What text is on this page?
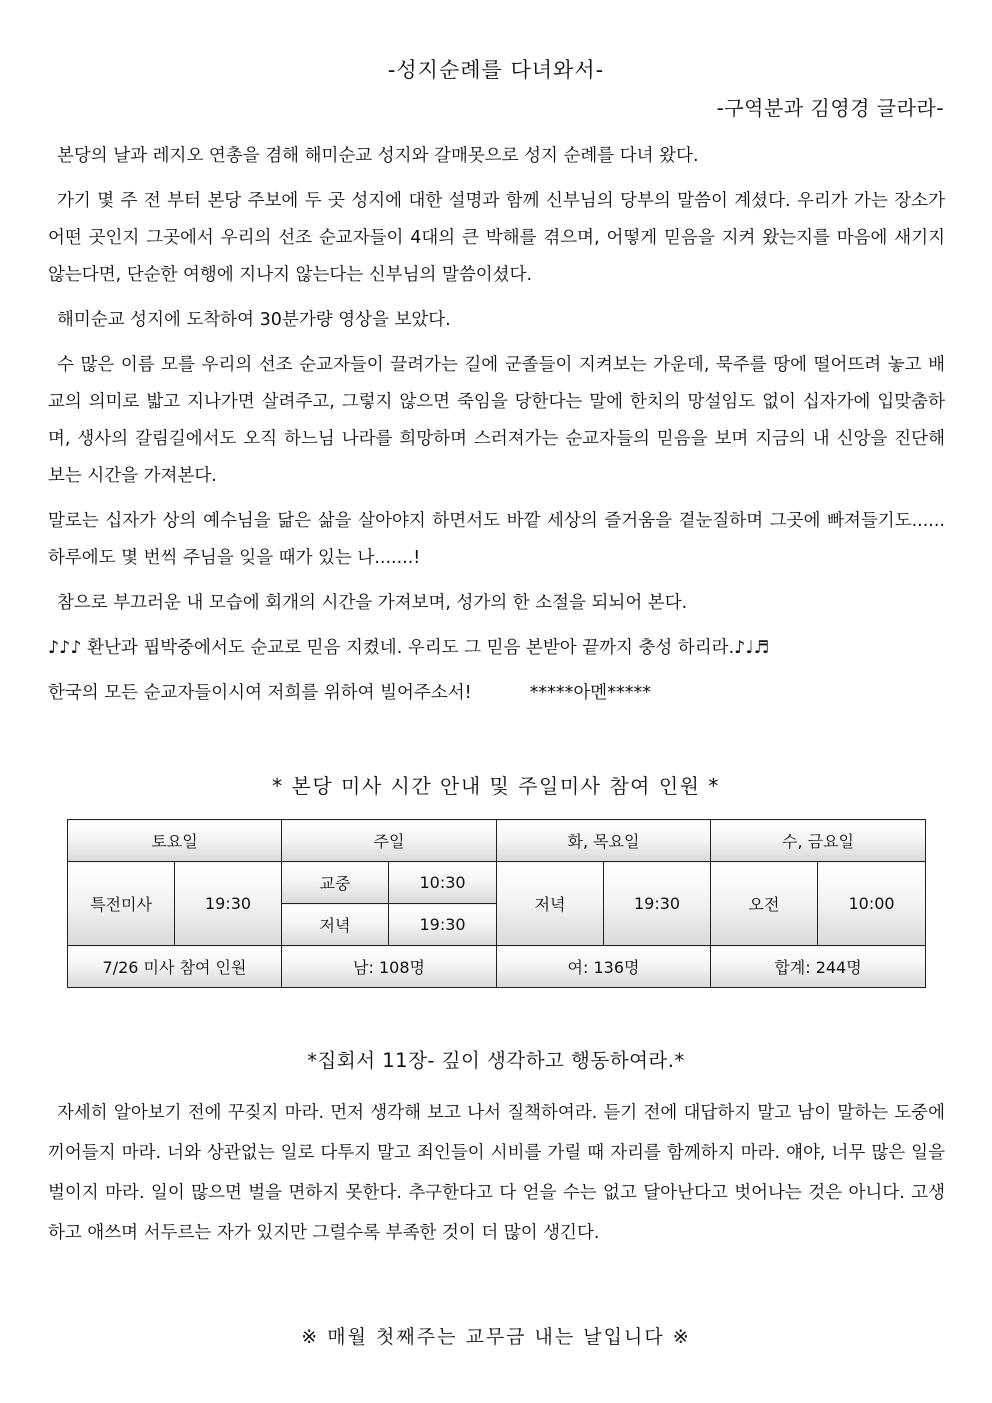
-성지순례를 다녀와서-
-구역분과 김영경 글라라-

본당의 날과 레지오 연총을 겸해 해미순교 성지와 갈매못으로 성지 순례를 다녀 왔다.

가기 몇 주 전 부터 본당 주보에 두 곳 성지에 대한 설명과 함께 신부님의 당부의 말씀이 계셨다. 우리가 가는 장소가 어떤 곳인지 그곳에서 우리의 선조 순교자들이 4대의 큰 박해를 겪으며, 어떻게 믿음을 지켜 왔는지를 마음에 새기지 않는다면, 단순한 여행에 지나지 않는다는 신부님의 말씀이셨다.

해미순교 성지에 도착하여 30분가량 영상을 보았다.

수 많은 이름 모를 우리의 선조 순교자들이 끌려가는 길에 군졸들이 지켜보는 가운데, 묵주를 땅에 떨어뜨려 놓고 배교의 의미로 밟고 지나가면 살려주고, 그렇지 않으면 죽임을 당한다는 말에 한치의 망설임도 없이 십자가에 입맞춤하며, 생사의 갈림길에서도 오직 하느님 나라를 희망하며 스러져가는 순교자들의 믿음을 보며 지금의 내 신앙을 진단해 보는 시간을 가져본다.

말로는 십자가 상의 예수님을 닮은 삶을 살아야지 하면서도 바깥 세상의 즐거움을 곁눈질하며 그곳에 빠져들기도...... 하루에도 몇 번씩 주님을 잊을 때가 있는 나.......!

참으로 부끄러운 내 모습에 회개의 시간을 가져보며, 성가의 한 소절을 되뇌어 본다.

♪♪♪ 환난과 핍박중에서도 순교로 믿음 지켰네. 우리도 그 믿음 본받아 끝까지 충성 하리라.♪♩♬

한국의 모든 순교자들이시여 저희를 위하여 빌어주소서!	*****아멘*****

* 본당 미사 시간 안내 및 주일미사 참여 인원 *
토요일		주일		화, 목요일		수, 금요일	
특전미사	19:30	교중	10:30	저녁	19:30	오전	10:00
		저녁	19:30				
7/26 미사 참여 인원		남: 108명		여: 136명		합계: 244명	
*집회서 11장- 깊이 생각하고 행동하여라.*

자세히 알아보기 전에 꾸짖지 마라. 먼저 생각해 보고 나서 질책하여라. 듣기 전에 대답하지 말고 남이 말하는 도중에 끼어들지 마라. 너와 상관없는 일로 다투지 말고 죄인들이 시비를 가릴 때 자리를 함께하지 마라. 얘야, 너무 많은 일을 벌이지 마라. 일이 많으면 벌을 면하지 못한다. 추구한다고 다 얻을 수는 없고 달아난다고 벗어나는 것은 아니다. 고생하고 애쓰며 서두르는 자가 있지만 그럴수록 부족한 것이 더 많이 생긴다.

※ 매월 첫째주는 교무금 내는 날입니다 ※
